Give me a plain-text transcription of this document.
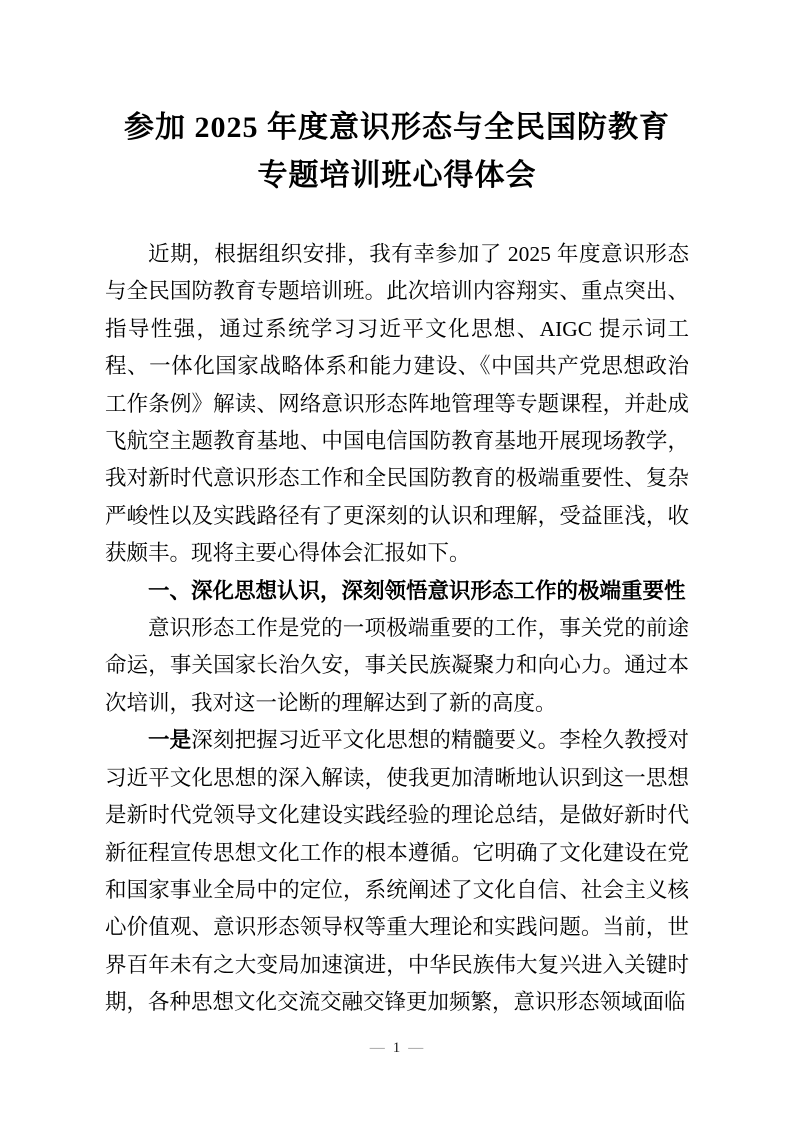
参加 2025 年度意识形态与全民国防教育
专题培训班心得体会

近期，根据组织安排，我有幸参加了 2025 年度意识形态与全民国防教育专题培训班。此次培训内容翔实、重点突出、指导性强，通过系统学习习近平文化思想、AIGC 提示词工程、一体化国家战略体系和能力建设、《中国共产党思想政治工作条例》解读、网络意识形态阵地管理等专题课程，并赴成飞航空主题教育基地、中国电信国防教育基地开展现场教学，我对新时代意识形态工作和全民国防教育的极端重要性、复杂严峻性以及实践路径有了更深刻的认识和理解，受益匪浅，收获颇丰。现将主要心得体会汇报如下。

一、深化思想认识，深刻领悟意识形态工作的极端重要性

意识形态工作是党的一项极端重要的工作，事关党的前途命运，事关国家长治久安，事关民族凝聚力和向心力。通过本次培训，我对这一论断的理解达到了新的高度。

一是深刻把握习近平文化思想的精髓要义。李栓久教授对习近平文化思想的深入解读，使我更加清晰地认识到这一思想是新时代党领导文化建设实践经验的理论总结，是做好新时代新征程宣传思想文化工作的根本遵循。它明确了文化建设在党和国家事业全局中的定位，系统阐述了文化自信、社会主义核心价值观、意识形态领导权等重大理论和实践问题。当前，世界百年未有之大变局加速演进，中华民族伟大复兴进入关键时期，各种思想文化交流交融交锋更加频繁，意识形态领域面临

— 1 —
